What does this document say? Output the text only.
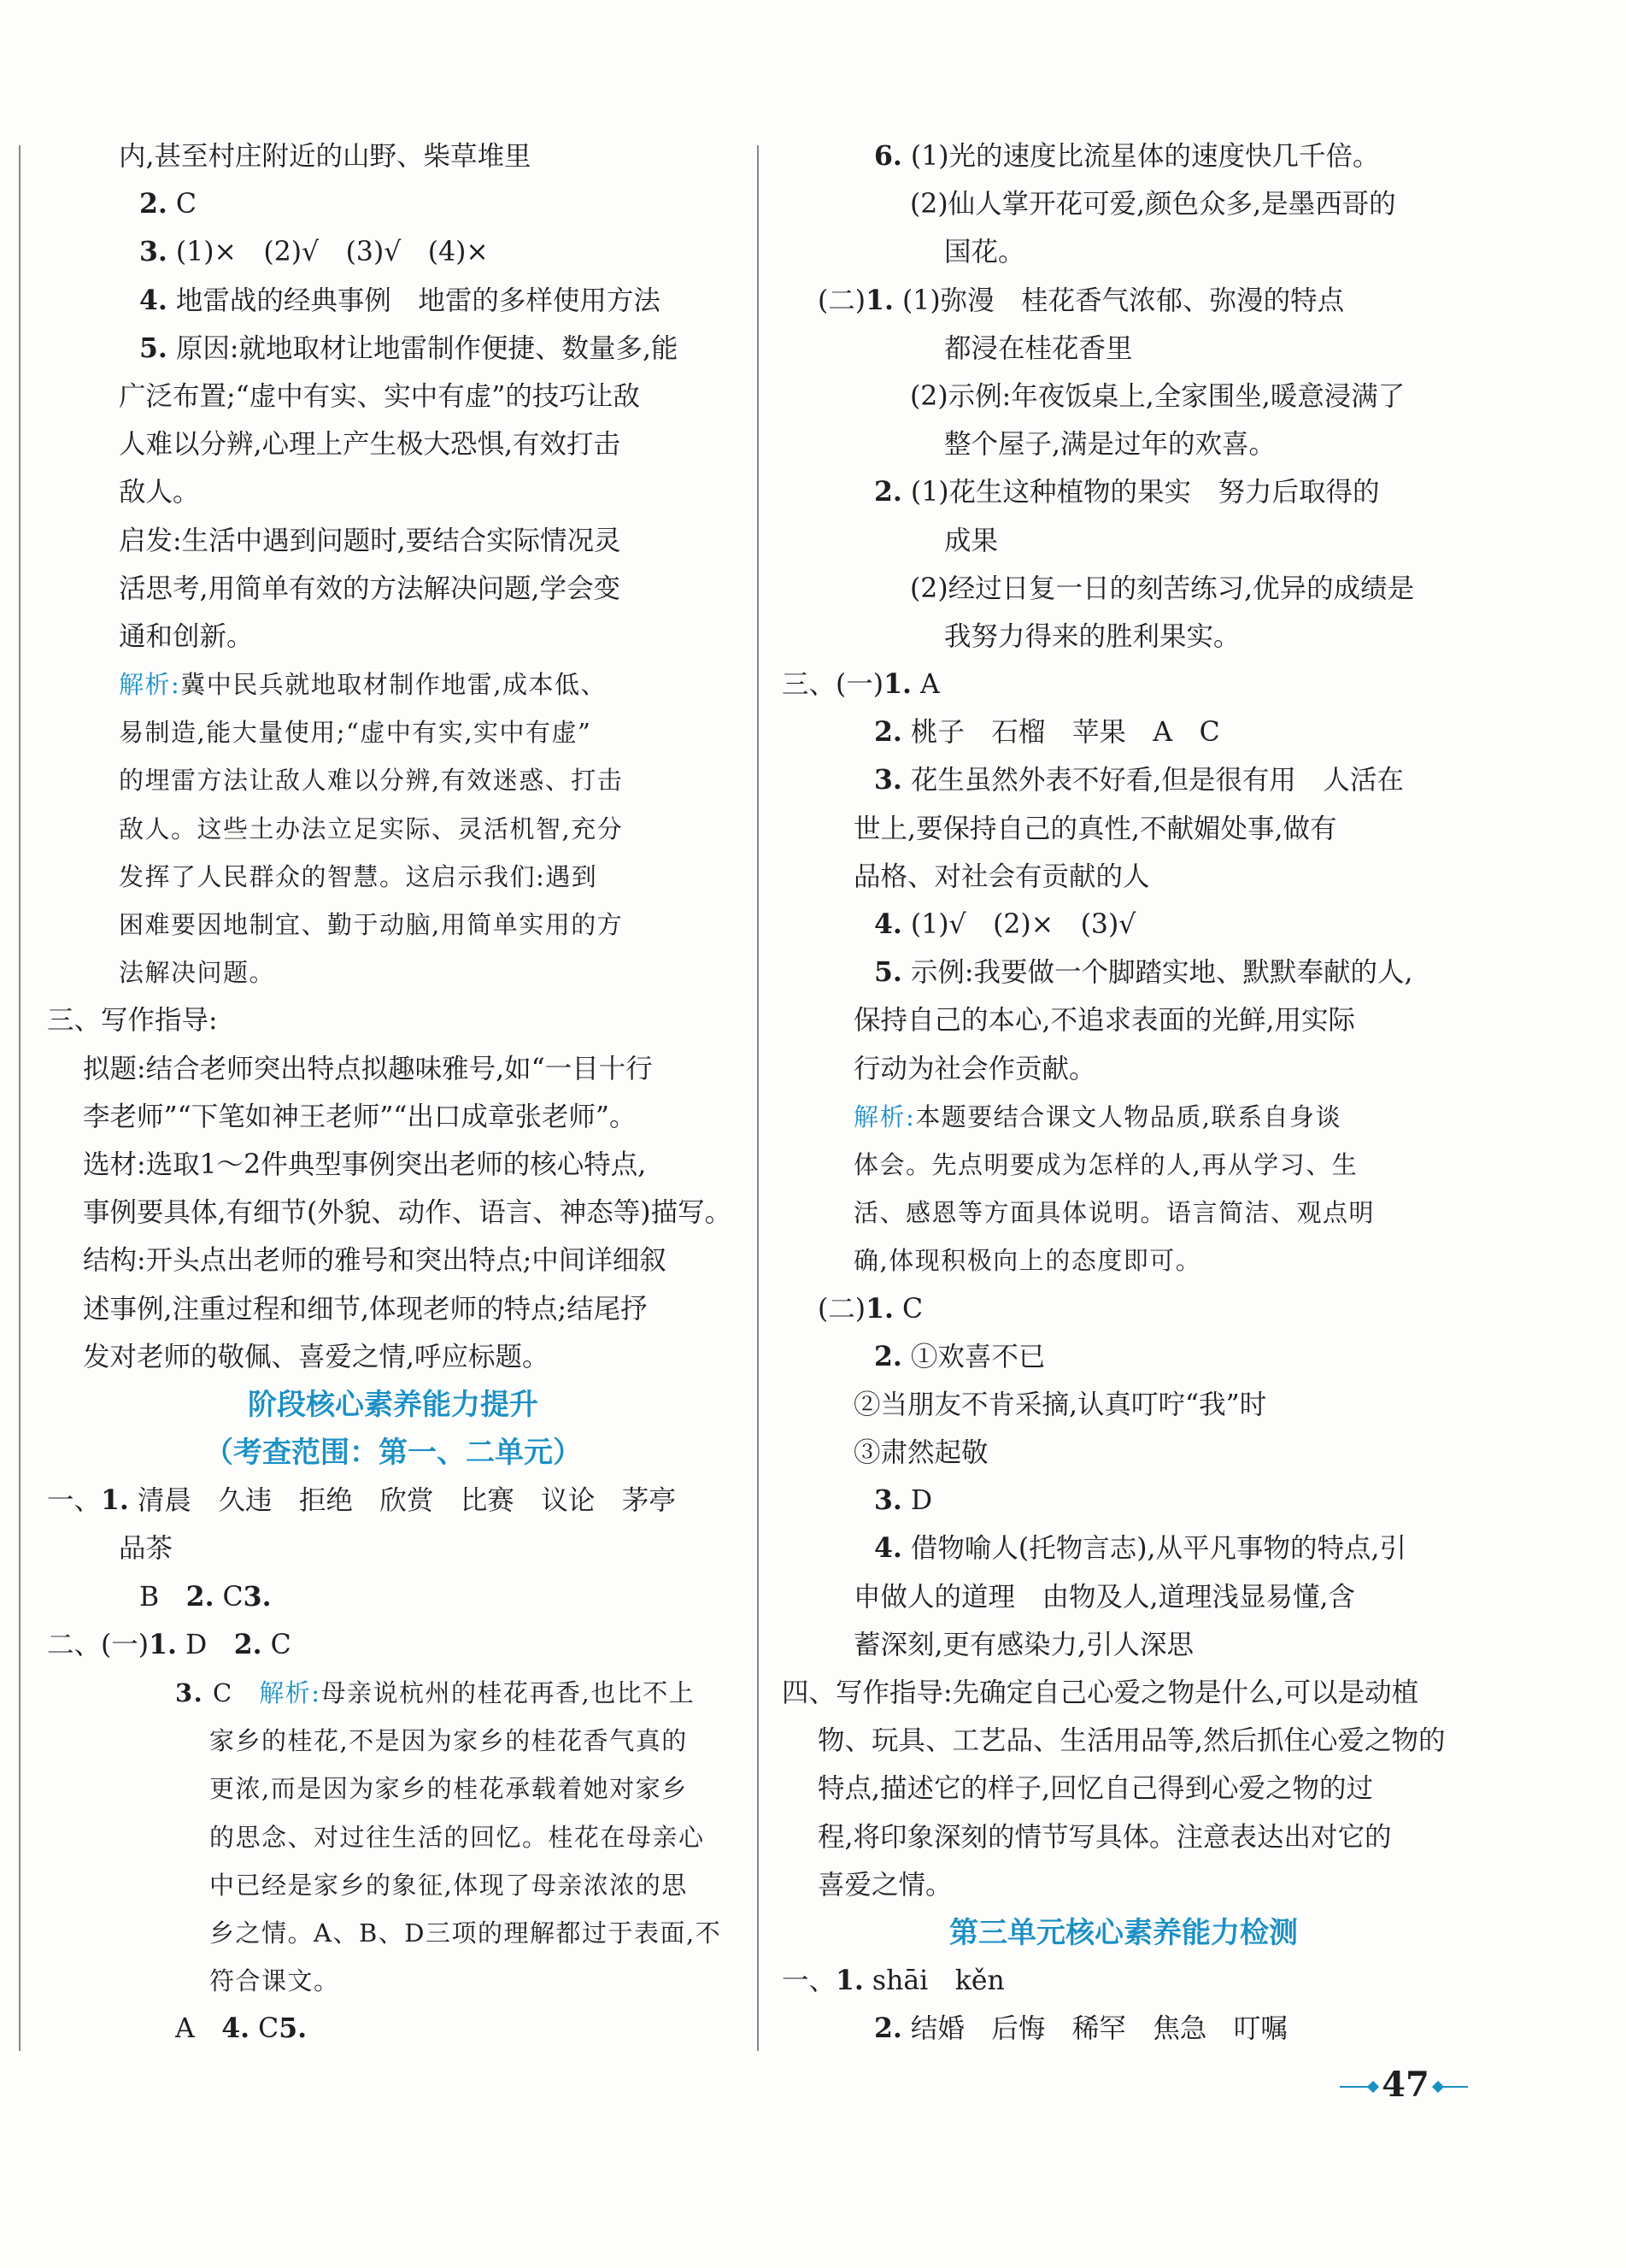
内,甚至村庄附近的山野、柴草堆里
2. C
3. (1)×　(2)√　(3)√　(4)×
4. 地雷战的经典事例　地雷的多样使用方法
5. 原因:就地取材让地雷制作便捷、数量多,能
广泛布置;“虚中有实、实中有虚”的技巧让敌
人难以分辨,心理上产生极大恐惧,有效打击
敌人。
启发:生活中遇到问题时,要结合实际情况灵
活思考,用简单有效的方法解决问题,学会变
通和创新。
解析:冀中民兵就地取材制作地雷,成本低、
易制造,能大量使用;“虚中有实,实中有虚”
的埋雷方法让敌人难以分辨,有效迷惑、打击
敌人。这些土办法立足实际、灵活机智,充分
发挥了人民群众的智慧。这启示我们:遇到
困难要因地制宜、勤于动脑,用简单实用的方
法解决问题。
三、写作指导:
拟题:结合老师突出特点拟趣味雅号,如“一目十行
李老师”“下笔如神王老师”“出口成章张老师”。
选材:选取1～2件典型事例突出老师的核心特点,
事例要具体,有细节(外貌、动作、语言、神态等)描写。
结构:开头点出老师的雅号和突出特点;中间详细叙
述事例,注重过程和细节,体现老师的特点;结尾抒
发对老师的敬佩、喜爱之情,呼应标题。
阶段核心素养能力提升
（考查范围：第一、二单元）
一、1. 清晨　久违　拒绝　欣赏　比赛　议论　茅亭
品茶
B　2. C3.
二、(一)1. D　2. C
3. C　解析:母亲说杭州的桂花再香,也比不上
家乡的桂花,不是因为家乡的桂花香气真的
更浓,而是因为家乡的桂花承载着她对家乡
的思念、对过往生活的回忆。桂花在母亲心
中已经是家乡的象征,体现了母亲浓浓的思
乡之情。A、B、D三项的理解都过于表面,不
符合课文。
A　4. C5.
6. (1)光的速度比流星体的速度快几千倍。
(2)仙人掌开花可爱,颜色众多,是墨西哥的
国花。
(二)1. (1)弥漫　桂花香气浓郁、弥漫的特点
都浸在桂花香里
(2)示例:年夜饭桌上,全家围坐,暖意浸满了
整个屋子,满是过年的欢喜。
2. (1)花生这种植物的果实　努力后取得的
成果
(2)经过日复一日的刻苦练习,优异的成绩是
我努力得来的胜利果实。
三、(一)1. A
2. 桃子　石榴　苹果　A　C
3. 花生虽然外表不好看,但是很有用　人活在
世上,要保持自己的真性,不献媚处事,做有
品格、对社会有贡献的人
4. (1)√　(2)×　(3)√
5. 示例:我要做一个脚踏实地、默默奉献的人,
保持自己的本心,不追求表面的光鲜,用实际
行动为社会作贡献。
解析:本题要结合课文人物品质,联系自身谈
体会。先点明要成为怎样的人,再从学习、生
活、感恩等方面具体说明。语言简洁、观点明
确,体现积极向上的态度即可。
(二)1. C
2. ①欢喜不已
②当朋友不肯采摘,认真叮咛“我”时
③肃然起敬
3. D
4. 借物喻人(托物言志),从平凡事物的特点,引
申做人的道理　由物及人,道理浅显易懂,含
蓄深刻,更有感染力,引人深思
四、写作指导:先确定自己心爱之物是什么,可以是动植
物、玩具、工艺品、生活用品等,然后抓住心爱之物的
特点,描述它的样子,回忆自己得到心爱之物的过
程,将印象深刻的情节写具体。注意表达出对它的
喜爱之情。
第三单元核心素养能力检测
一、1. shāi　kěn
2. 结婚　后悔　稀罕　焦急　叮嘱
47
